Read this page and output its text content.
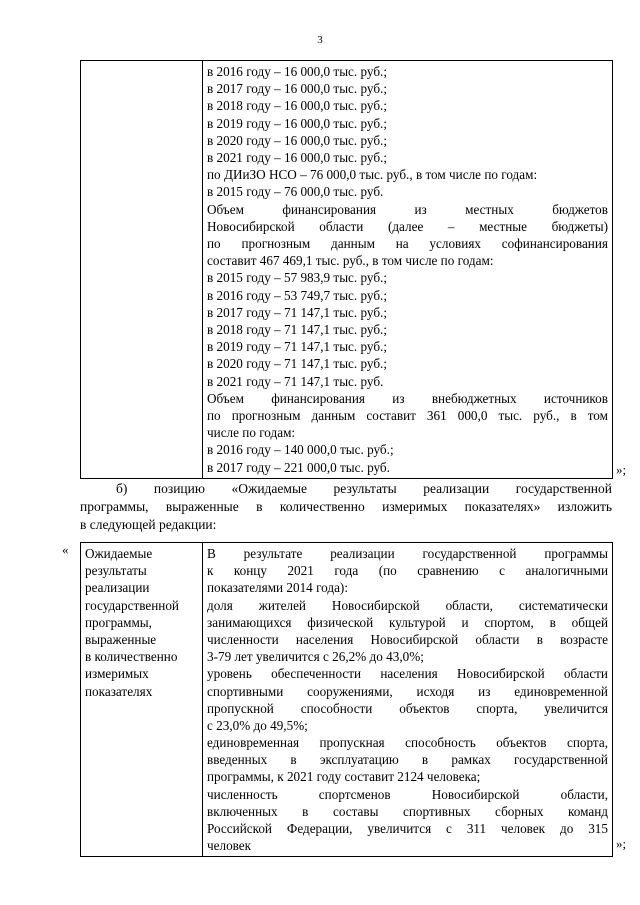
3

в 2016 году – 16 000,0 тыс. руб.;
в 2017 году – 16 000,0 тыс. руб.;
в 2018 году – 16 000,0 тыс. руб.;
в 2019 году – 16 000,0 тыс. руб.;
в 2020 году – 16 000,0 тыс. руб.;
в 2021 году – 16 000,0 тыс. руб.;
по ДИиЗО НСО – 76 000,0 тыс. руб., в том числе по годам:
в 2015 году – 76 000,0 тыс. руб.
Объем финансирования из местных бюджетов
Новосибирской области (далее – местные бюджеты)
по прогнозным данным на условиях софинансирования
составит 467 469,1 тыс. руб., в том числе по годам:
в 2015 году – 57 983,9 тыс. руб.;
в 2016 году – 53 749,7 тыс. руб.;
в 2017 году – 71 147,1 тыс. руб.;
в 2018 году – 71 147,1 тыс. руб.;
в 2019 году – 71 147,1 тыс. руб.;
в 2020 году – 71 147,1 тыс. руб.;
в 2021 году – 71 147,1 тыс. руб.
Объем финансирования из внебюджетных источников
по прогнозным данным составит 361 000,0 тыс. руб., в том
числе по годам:
в 2016 году – 140 000,0 тыс. руб.;
в 2017 году – 221 000,0 тыс. руб.	»;
б) позицию «Ожидаемые результаты реализации государственной
программы, выраженные в количественно измеримых показателях» изложить
в следующей редакции:
« Ожидаемые
результаты
реализации
государственной
программы,
выраженные
в количественно
измеримых
показателях

В результате реализации государственной программы
к концу 2021 года (по сравнению с аналогичными
показателями 2014 года):
доля жителей Новосибирской области, систематически
занимающихся физической культурой и спортом, в общей
численности населения Новосибирской области в возрасте
3-79 лет увеличится с 26,2% до 43,0%;
уровень обеспеченности населения Новосибирской области
спортивными сооружениями, исходя из единовременной
пропускной способности объектов спорта, увеличится
с 23,0% до 49,5%;
единовременная пропускная способность объектов спорта,
введенных в эксплуатацию в рамках государственной
программы, к 2021 году составит 2124 человека;
численность спортсменов Новосибирской области,
включенных в составы спортивных сборных команд
Российской Федерации, увеличится с 311 человек до 315
человек	»;
